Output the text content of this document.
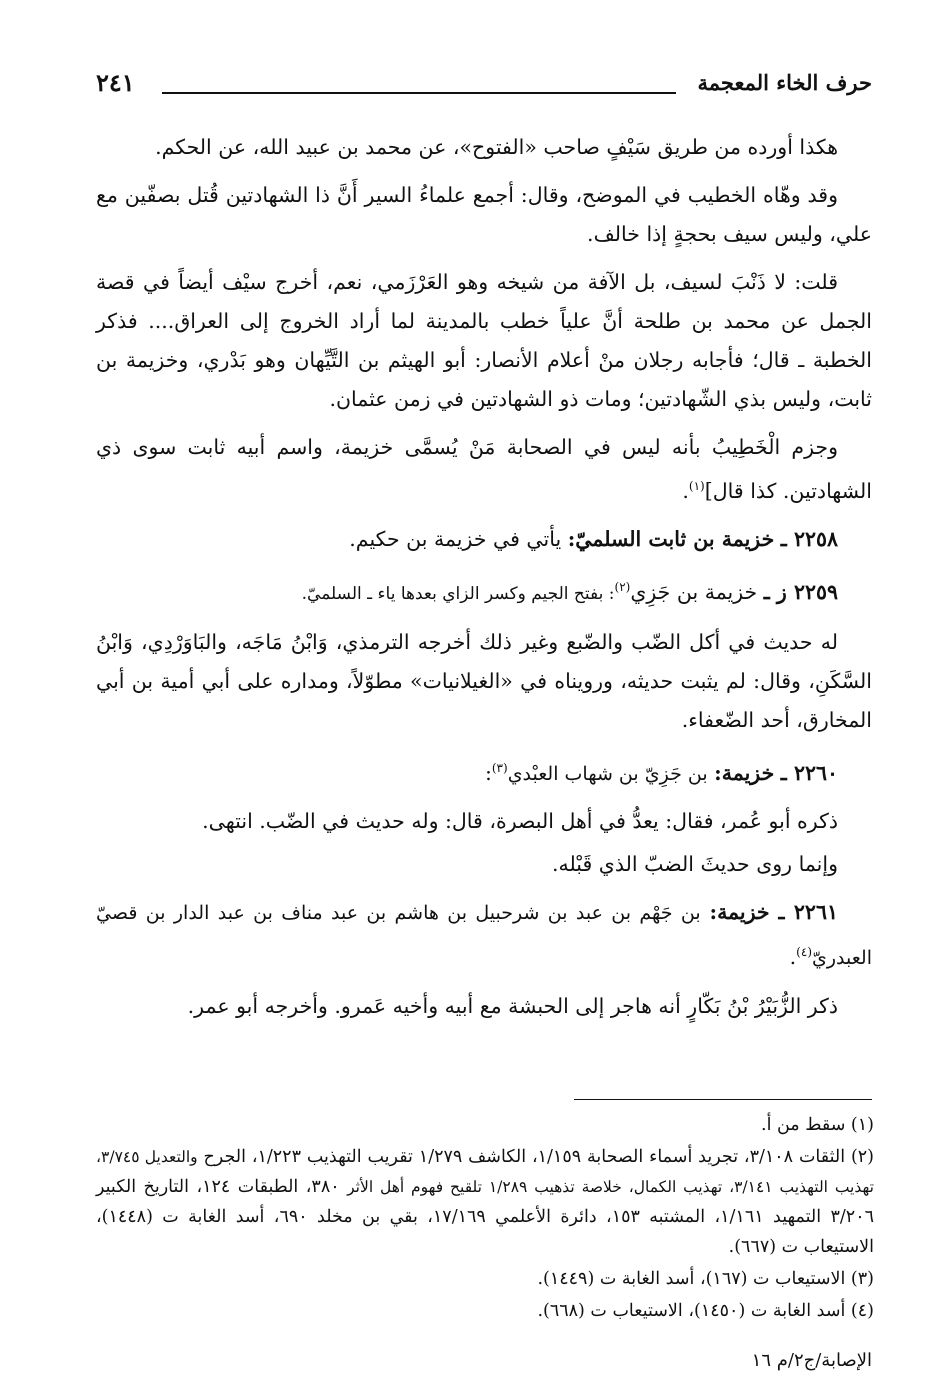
حرف الخاء المعجمة
٢٤١

هكذا أورده من طريق سَيْفٍ صاحب «الفتوح»، عن محمد بن عبيد الله، عن الحكم.

وقد وهّاه الخطيب في الموضح، وقال: أجمع علماءُ السير أَنَّ ذا الشهادتين قُتل بصفّين مع علي، وليس سيف بحجةٍ إذا خالف.

قلت: لا ذَنْبَ لسيف، بل الآفة من شيخه وهو العَرْزَمي، نعم، أخرج سيْف أيضاً في قصة الجمل عن محمد بن طلحة أنَّ علياً خطب بالمدينة لما أراد الخروج إلى العراق.... فذكر الخطبة ـ قال؛ فأجابه رجلان منْ أعلام الأنصار: أبو الهيثم بن التَّيِّهان وهو بَدْري، وخزيمة بن ثابت، وليس بذي الشّهادتين؛ ومات ذو الشهادتين في زمن عثمان.

وجزم الْخَطِيبُ بأنه ليس في الصحابة مَنْ يُسمَّى خزيمة، واسم أبيه ثابت سوى ذي الشهادتين. كذا قال]$^{(١)}$.

٢٢٥٨ ـ خزيمة بن ثابت السلميّ: يأتي في خزيمة بن حكيم.

٢٢٥٩ ز ـ خزيمة بن جَزِي$^{(٢)}$: بفتح الجيم وكسر الزاي بعدها ياء ـ السلميّ.

له حديث في أكل الضّب والضّبع وغير ذلك أخرجه الترمذي، وَابْنُ مَاجَه، والبَاوَرْدِي، وَابْنُ السَّكَنِ، وقال: لم يثبت حديثه، ورويناه في «الغيلانيات» مطوّلاً، ومداره على أبي أمية بن أبي المخارق، أحد الضّعفاء.

٢٢٦٠ ـ خزيمة: بن جَزِيّ بن شهاب العبْدي$^{(٣)}$:

ذكره أبو عُمر، فقال: يعدُّ في أهل البصرة، قال: وله حديث في الضّب. انتهى.

وإنما روى حديثَ الضبّ الذي قَبْله.

٢٢٦١ ـ خزيمة: بن جَهْم بن عبد بن شرحبيل بن هاشم بن عبد مناف بن عبد الدار بن قصيّ العبدريّ$^{(٤)}$.

ذكر الزُّبَيْرُ بْنُ بَكّارٍ أنه هاجر إلى الحبشة مع أبيه وأخيه عَمرو. وأخرجه أبو عمر.

(١) سقط من أ.

(٢) الثقات ٣/١٠٨، تجريد أسماء الصحابة ١/١٥٩، الكاشف ١/٢٧٩ تقريب التهذيب ١/٢٢٣، الجرح والتعديل ٣/٧٤٥، تهذيب التهذيب ٣/١٤١، تهذيب الكمال، خلاصة تذهيب ١/٢٨٩ تلقيح فهوم أهل الأثر ٣٨٠، الطبقات ١٢٤، التاريخ الكبير ٣/٢٠٦ التمهيد ١/١٦١، المشتبه ١٥٣، دائرة الأعلمي ١٧/١٦٩، بقي بن مخلد ٦٩٠، أسد الغابة ت (١٤٤٨)، الاستيعاب ت (٦٦٧).

(٣) الاستيعاب ت (١٦٧)، أسد الغابة ت (١٤٤٩).

(٤) أسد الغابة ت (١٤٥٠)، الاستيعاب ت (٦٦٨).

الإصابة/ج٢/م ١٦
